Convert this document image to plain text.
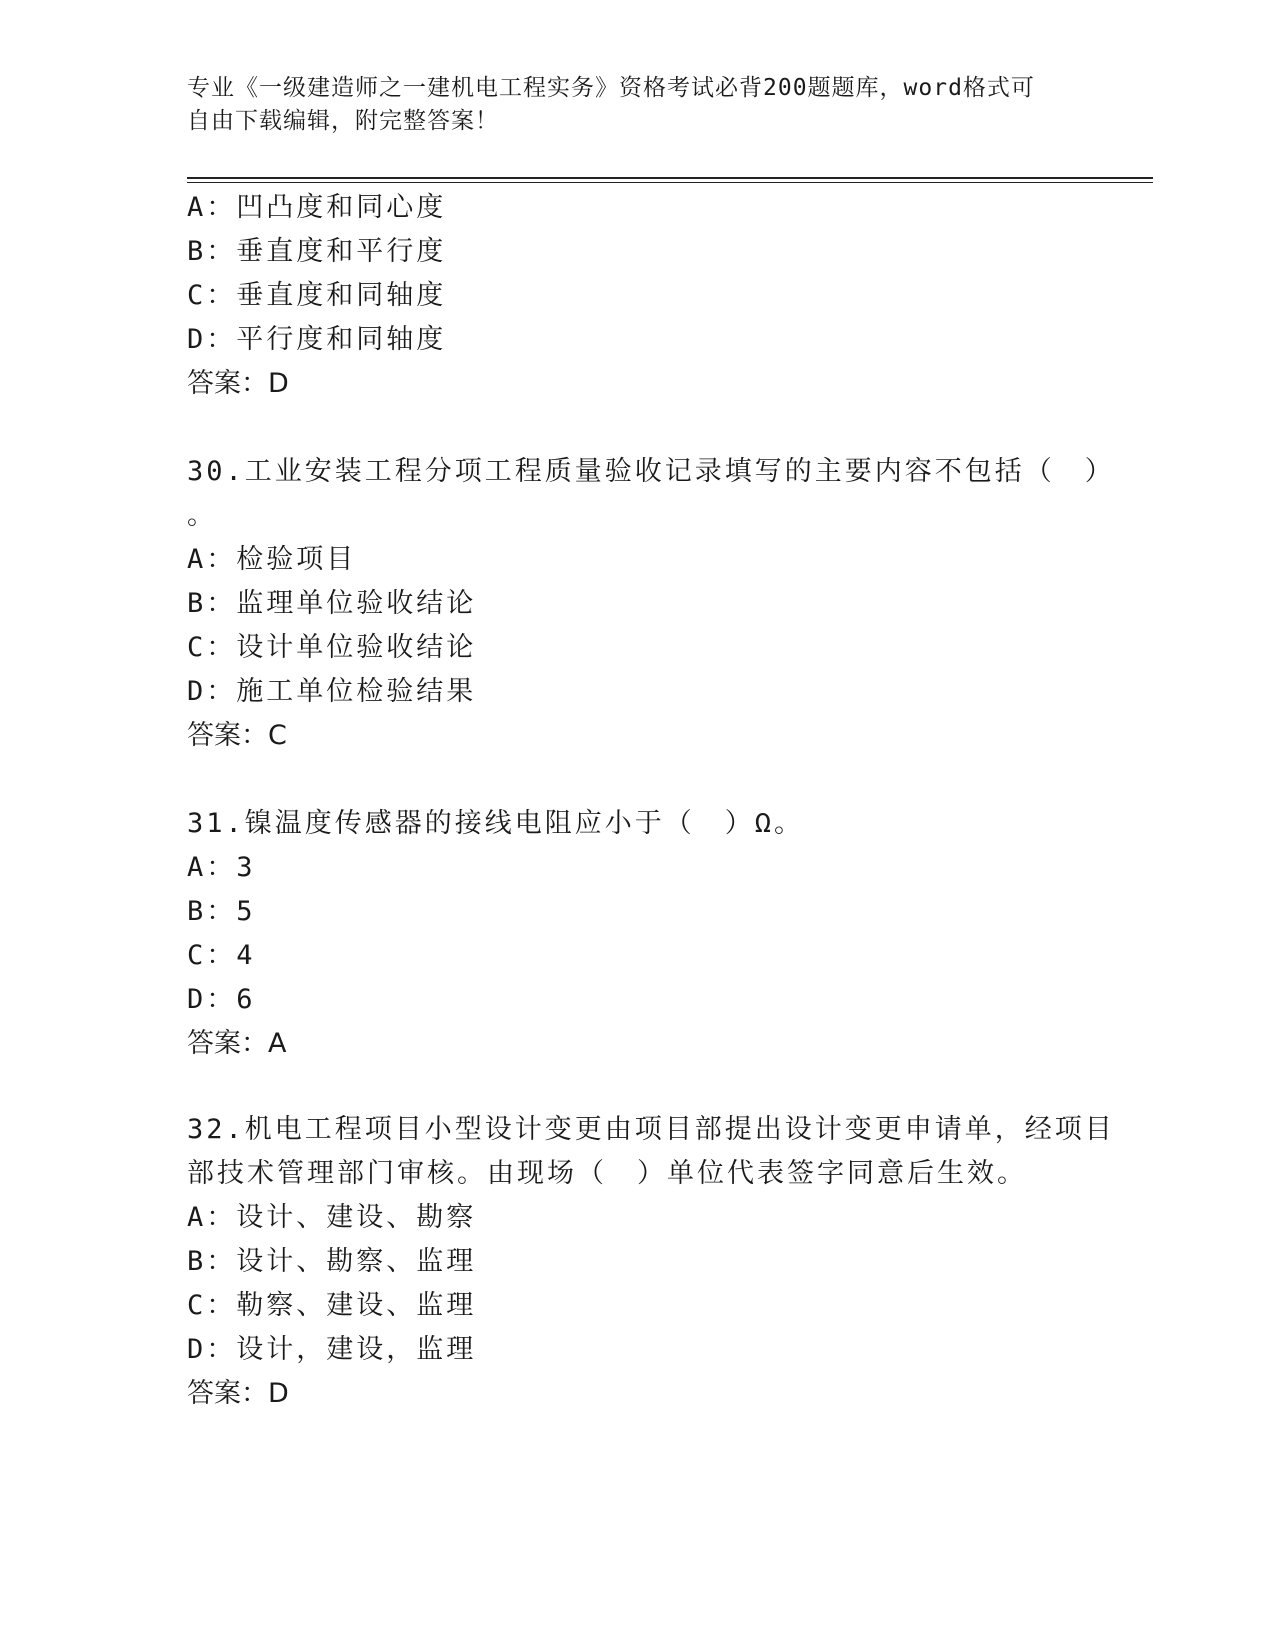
专业《一级建造师之一建机电工程实务》资格考试必背200题题库，word格式可
自由下载编辑，附完整答案！
A：凹凸度和同心度
B：垂直度和平行度
C：垂直度和同轴度
D：平行度和同轴度
答案：D
30.工业安装工程分项工程质量验收记录填写的主要内容不包括（　）
。
A：检验项目
B：监理单位验收结论
C：设计单位验收结论
D：施工单位检验结果
答案：C
31.镍温度传感器的接线电阻应小于（　）Ω。
A：3
B：5
C：4
D：6
答案：A
32.机电工程项目小型设计变更由项目部提出设计变更申请单，经项目
部技术管理部门审核。由现场（　）单位代表签字同意后生效。
A：设计、建设、勘察
B：设计、勘察、监理
C：勒察、建设、监理
D：设计，建设，监理
答案：D
